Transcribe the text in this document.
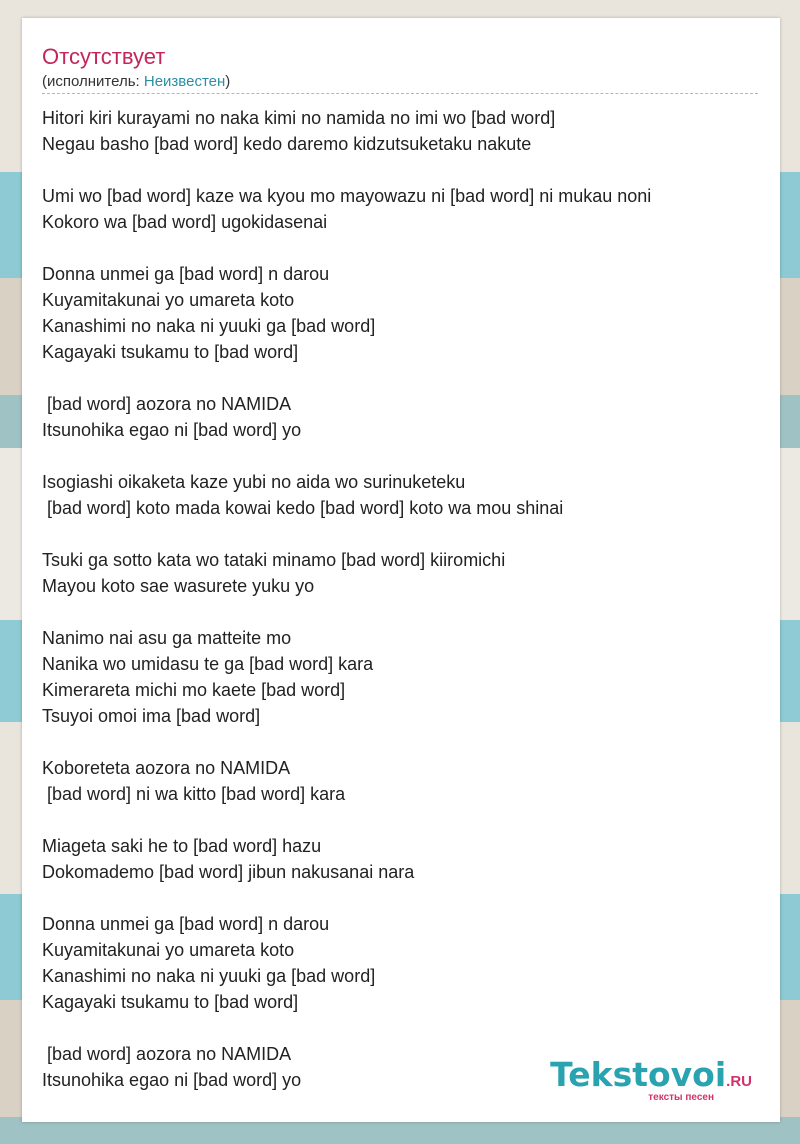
Отсутствует
(исполнитель: Неизвестен)
Hitori kiri kurayami no naka kimi no namida no imi wo [bad word]
Negau basho [bad word] kedo daremo kidzutsuketaku nakute
Umi wo [bad word] kaze wa kyou mo mayowazu ni [bad word] ni mukau noni
Kokoro wa [bad word] ugokidasenai
Donna unmei ga [bad word] n darou
Kuyamitakunai yo umareta koto
Kanashimi no naka ni yuuki ga [bad word]
Kagayaki tsukamu to [bad word]
[bad word] aozora no NAMIDA
Itsunohika egao ni [bad word] yo
Isogiashi oikaketa kaze yubi no aida wo surinuketeku
[bad word] koto mada kowai kedo [bad word] koto wa mou shinai
Tsuki ga sotto kata wo tataki minamo [bad word] kiiromichi
Mayou koto sae wasurete yuku yo
Nanimo nai asu ga matteite mo
Nanika wo umidasu te ga [bad word] kara
Kimerareta michi mo kaete [bad word]
Tsuyoi omoi ima [bad word]
Koboreteta aozora no NAMIDA
[bad word] ni wa kitto [bad word] kara
Miageta saki he to [bad word] hazu
Dokomademo [bad word] jibun nakusanai nara
Donna unmei ga [bad word] n darou
Kuyamitakunai yo umareta koto
Kanashimi no naka ni yuuki ga [bad word]
Kagayaki tsukamu to [bad word]
[bad word] aozora no NAMIDA
Itsunohika egao ni [bad word] yo	Tekstovoi.RU
тексты песен
